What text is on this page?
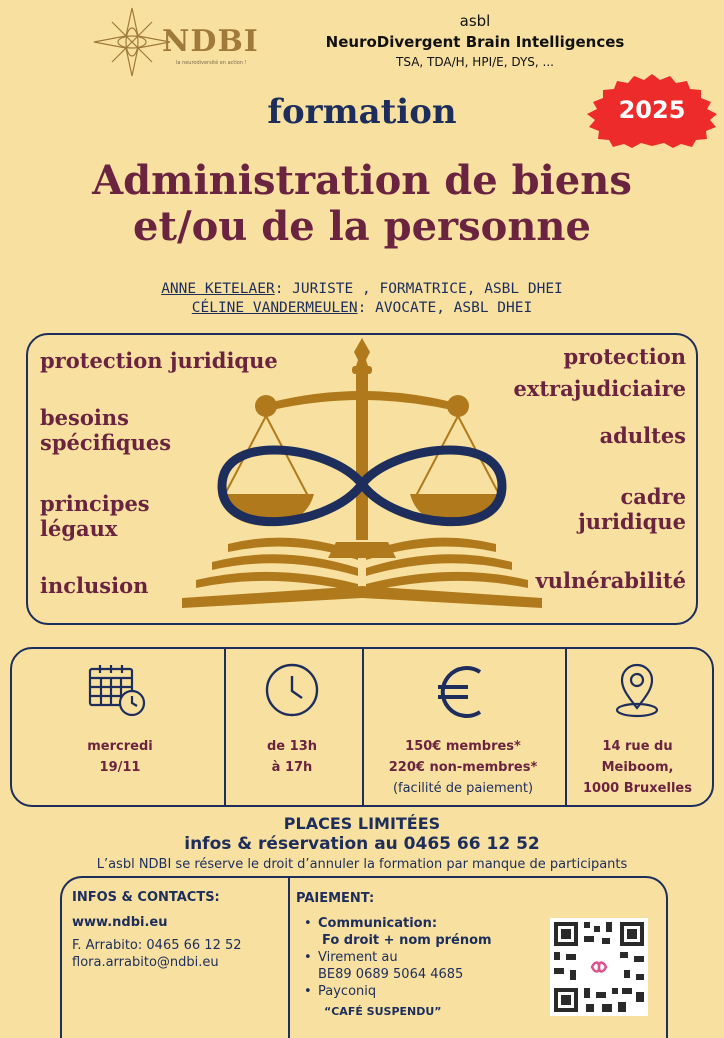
NDBI
la neurodiversité en action !
asbl
NeuroDivergent Brain Intelligences
TSA, TDA/H, HPI/E, DYS, ...
2025
formation
Administration de biens
et/ou de la personne
ANNE KETELAER: JURISTE , FORMATRICE, ASBL DHEI
CÉLINE VANDERMEULEN: AVOCATE, ASBL DHEI
protection juridique
besoins spécifiques
principes légaux
inclusion
protection extrajudiciaire
adultes
cadre juridique
vulnérabilité
mercredi
19/11
de 13h
à 17h
150€ membres*
220€ non-membres*
(facilité de paiement)
14 rue du
Meiboom,
1000 Bruxelles
PLACES LIMITÉES
infos & réservation au 0465 66 12 52
L’asbl NDBI se réserve le droit d’annuler la formation par manque de participants
INFOS & CONTACTS:
www.ndbi.eu
F. Arrabito: 0465 66 12 52
flora.arrabito@ndbi.eu
PAIEMENT:
• Communication:
Fo droit + nom prénom
• Virement au
BE89 0689 5064 4685
• Payconiq
“CAFÉ SUSPENDU”
